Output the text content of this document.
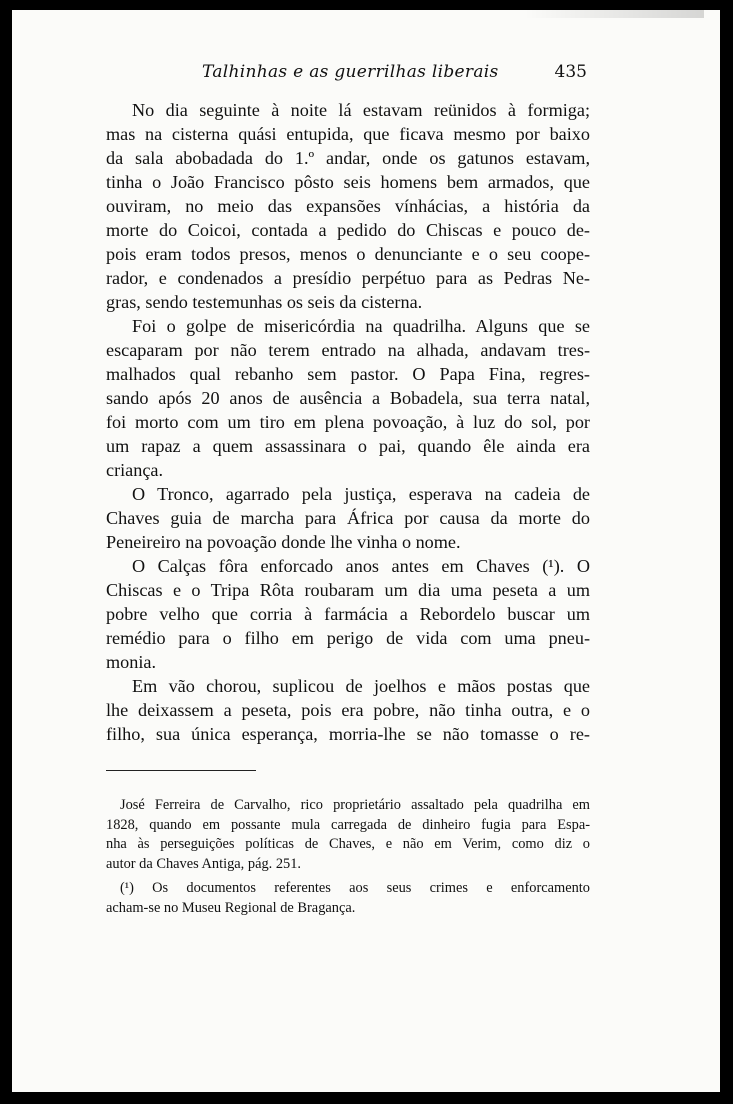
Talhinhas e as guerrilhas liberais	435
No dia seguinte à noite lá estavam reünidos à formiga;
mas na cisterna quási entupida, que ficava mesmo por baixo
da sala abobadada do 1.º andar, onde os gatunos estavam,
tinha o João Francisco pôsto seis homens bem armados, que
ouviram, no meio das expansões vínhácias, a história da
morte do Coicoi, contada a pedido do Chiscas e pouco de-
pois eram todos presos, menos o denunciante e o seu coope-
rador, e condenados a presídio perpétuo para as Pedras Ne-
gras, sendo testemunhas os seis da cisterna.
Foi o golpe de misericórdia na quadrilha. Alguns que se
escaparam por não terem entrado na alhada, andavam tres-
malhados qual rebanho sem pastor. O Papa Fina, regres-
sando após 20 anos de ausência a Bobadela, sua terra natal,
foi morto com um tiro em plena povoação, à luz do sol, por
um rapaz a quem assassinara o pai, quando êle ainda era
criança.
O Tronco, agarrado pela justiça, esperava na cadeia de
Chaves guia de marcha para África por causa da morte do
Peneireiro na povoação donde lhe vinha o nome.
O Calças fôra enforcado anos antes em Chaves (¹). O
Chiscas e o Tripa Rôta roubaram um dia uma peseta a um
pobre velho que corria à farmácia a Rebordelo buscar um
remédio para o filho em perigo de vida com uma pneu-
monia.
Em vão chorou, suplicou de joelhos e mãos postas que
lhe deixassem a peseta, pois era pobre, não tinha outra, e o
filho, sua única esperança, morria-lhe se não tomasse o re-
José Ferreira de Carvalho, rico proprietário assaltado pela quadrilha em
1828, quando em possante mula carregada de dinheiro fugia para Espa-
nha às perseguições políticas de Chaves, e não em Verim, como diz o
autor da Chaves Antiga, pág. 251.
(¹) Os documentos referentes aos seus crimes e enforcamento
acham-se no Museu Regional de Bragança.
